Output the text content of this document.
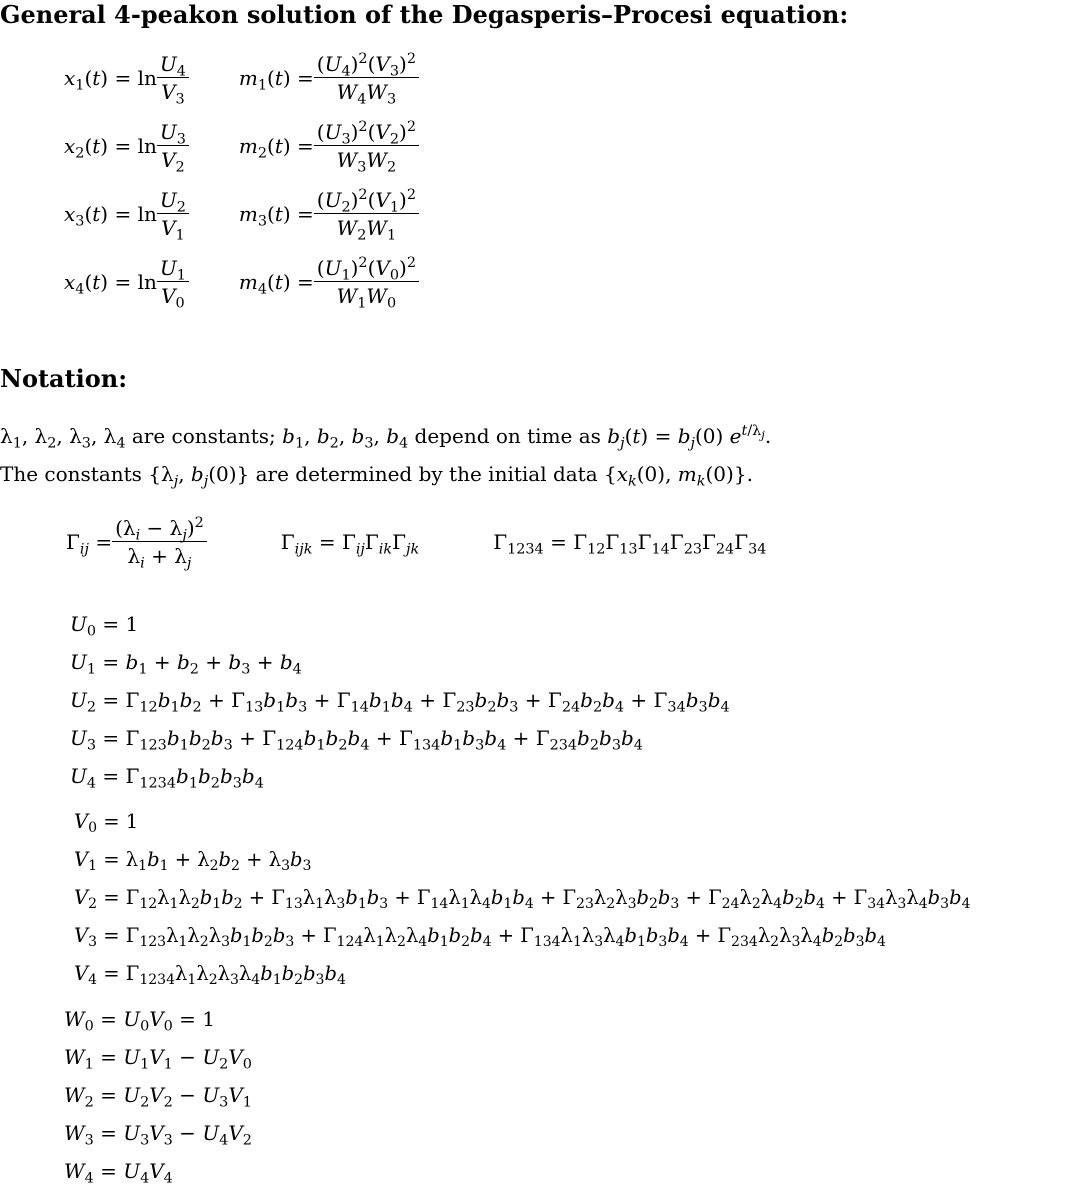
General 4-peakon solution of the Degasperis–Procesi equation:
$x_1(t) = \ln \frac{U_4}{V_3}$	$m_1(t) = \frac{(U_4)^2(V_3)^2}{W_4W_3}$
$x_2(t) = \ln \frac{U_3}{V_2}$	$m_2(t) = \frac{(U_3)^2(V_2)^2}{W_3W_2}$
$x_3(t) = \ln \frac{U_2}{V_1}$	$m_3(t) = \frac{(U_2)^2(V_1)^2}{W_2W_1}$
$x_4(t) = \ln \frac{U_1}{V_0}$	$m_4(t) = \frac{(U_1)^2(V_0)^2}{W_1W_0}$
Notation:
$\lambda_1$, $\lambda_2$, $\lambda_3$, $\lambda_4$ are constants; $b_1$, $b_2$, $b_3$, $b_4$ depend on time as $b_j(t) = b_j(0)$ $e^{t/\lambda_j}$.
The constants {$\lambda_j$, $b_j(0)$} are determined by the initial data {$x_k(0)$, $m_k(0)$}.
$\Gamma_{ij} = \frac{(\lambda_i - \lambda_j)^2}{\lambda_i + \lambda_j}$	$\Gamma_{ijk} = \Gamma_{ij}\Gamma_{ik}\Gamma_{jk}$	$\Gamma_{1234} = \Gamma_{12}\Gamma_{13}\Gamma_{14}\Gamma_{23}\Gamma_{24}\Gamma_{34}$
$U_0 = 1$
$U_1 = b_1 + b_2 + b_3 + b_4$
$U_2 = \Gamma_{12}b_1b_2 + \Gamma_{13}b_1b_3 + \Gamma_{14}b_1b_4 + \Gamma_{23}b_2b_3 + \Gamma_{24}b_2b_4 + \Gamma_{34}b_3b_4$
$U_3 = \Gamma_{123}b_1b_2b_3 + \Gamma_{124}b_1b_2b_4 + \Gamma_{134}b_1b_3b_4 + \Gamma_{234}b_2b_3b_4$
$U_4 = \Gamma_{1234}b_1b_2b_3b_4$
$V_0 = 1$
$V_1 = \lambda_1b_1 + \lambda_2b_2 + \lambda_3b_3$
$V_2 = \Gamma_{12}\lambda_1\lambda_2b_1b_2 + \Gamma_{13}\lambda_1\lambda_3b_1b_3 + \Gamma_{14}\lambda_1\lambda_4b_1b_4 + \Gamma_{23}\lambda_2\lambda_3b_2b_3 + \Gamma_{24}\lambda_2\lambda_4b_2b_4 + \Gamma_{34}\lambda_3\lambda_4b_3b_4$
$V_3 = \Gamma_{123}\lambda_1\lambda_2\lambda_3b_1b_2b_3 + \Gamma_{124}\lambda_1\lambda_2\lambda_4b_1b_2b_4 + \Gamma_{134}\lambda_1\lambda_3\lambda_4b_1b_3b_4 + \Gamma_{234}\lambda_2\lambda_3\lambda_4b_2b_3b_4$
$V_4 = \Gamma_{1234}\lambda_1\lambda_2\lambda_3\lambda_4b_1b_2b_3b_4$
$W_0 = U_0V_0 = 1$
$W_1 = U_1V_1 - U_2V_0$
$W_2 = U_2V_2 - U_3V_1$
$W_3 = U_3V_3 - U_4V_2$
$W_4 = U_4V_4$
